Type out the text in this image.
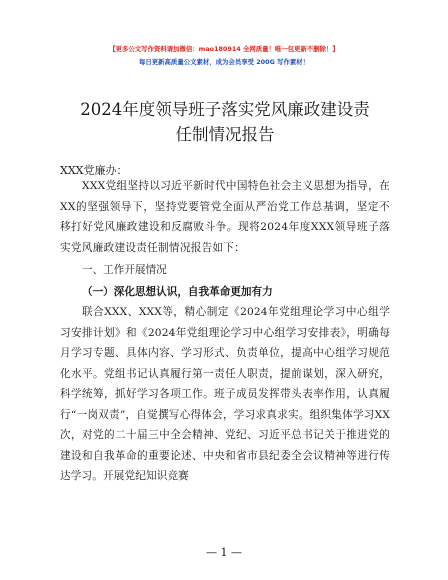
【更多公文写作资料请加微信：mao180914 全网质量！唯一包更新不删除！】
每日更新高质量公文素材，成为会员享受 200G 写作素材！
2024年度领导班子落实党风廉政建设责任制情况报告
XXX党廉办：

XXX党组坚持以习近平新时代中国特色社会主义思想为指导，在XX的坚强领导下，坚持党要管党全面从严治党工作总基调，坚定不移打好党风廉政建设和反腐败斗争。现将2024年度XXX领导班子落实党风廉政建设责任制情况报告如下：

一、工作开展情况
（一）深化思想认识，自我革命更加有力

联合XXX、XXX等，精心制定《2024年党组理论学习中心组学习安排计划》和《2024年党组理论学习中心组学习安排表》，明确每月学习专题、具体内容、学习形式、负责单位，提高中心组学习规范化水平。党组书记认真履行第一责任人职责，提前谋划，深入研究，科学统筹，抓好学习各项工作。班子成员发挥带头表率作用，认真履行“一岗双责”，自觉撰写心得体会，学习求真求实。组织集体学习XX次，对党的二十届三中全会精神、党纪、习近平总书记关于推进党的建设和自我革命的重要论述、中央和省市县纪委全会议精神等进行传达学习。开展党纪知识竞赛

— 1 —
